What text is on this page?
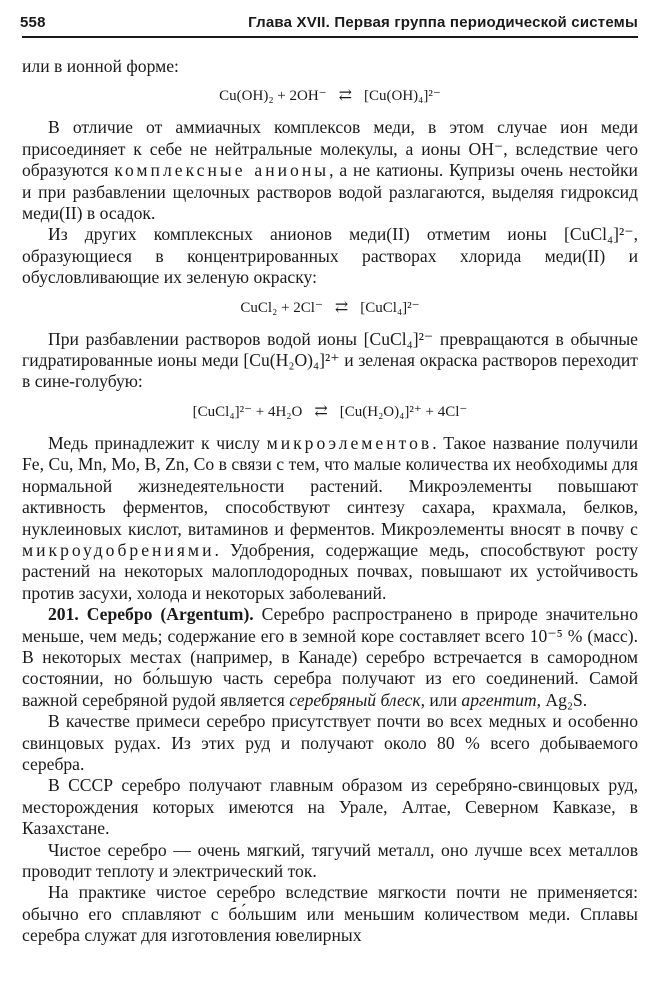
558	Глава XVII. Первая группа периодической системы

или в ионной форме:

Cu(OH)₂ + 2OH⁻ ⇄ [Cu(OH)₄]²⁻

В отличие от аммиачных комплексов меди, в этом случае ион меди присоединяет к себе не нейтральные молекулы, а ионы OH⁻, вследствие чего образуются комплексные анионы, а не катионы. Купризы очень нестойки и при разбавлении щелочных растворов водой разлагаются, выделяя гидроксид меди(II) в осадок.

Из других комплексных анионов меди(II) отметим ионы [CuCl₄]²⁻, образующиеся в концентрированных растворах хлорида меди(II) и обусловливающие их зеленую окраску:

CuCl₂ + 2Cl⁻ ⇄ [CuCl₄]²⁻

При разбавлении растворов водой ионы [CuCl₄]²⁻ превращаются в обычные гидратированные ионы меди [Cu(H₂O)₄]²⁺ и зеленая окраска растворов переходит в сине-голубую:

[CuCl₄]²⁻ + 4H₂O ⇄ [Cu(H₂O)₄]²⁺ + 4Cl⁻

Медь принадлежит к числу микроэлементов. Такое название получили Fe, Cu, Mn, Mo, B, Zn, Co в связи с тем, что малые количества их необходимы для нормальной жизнедеятельности растений. Микроэлементы повышают активность ферментов, способствуют синтезу сахара, крахмала, белков, нуклеиновых кислот, витаминов и ферментов. Микроэлементы вносят в почву с микроудобрениями. Удобрения, содержащие медь, способствуют росту растений на некоторых малоплодородных почвах, повышают их устойчивость против засухи, холода и некоторых заболеваний.

201. Серебро (Argentum). Серебро распространено в природе значительно меньше, чем медь; содержание его в земной коре составляет всего 10⁻⁵ % (масс). В некоторых местах (например, в Канаде) серебро встречается в самородном состоянии, но бо́льшую часть серебра получают из его соединений. Самой важной серебряной рудой является серебряный блеск, или аргентит, Ag₂S.

В качестве примеси серебро присутствует почти во всех медных и особенно свинцовых рудах. Из этих руд и получают около 80 % всего добываемого серебра.

В СССР серебро получают главным образом из серебряно-свинцовых руд, месторождения которых имеются на Урале, Алтае, Северном Кавказе, в Казахстане.

Чистое серебро — очень мягкий, тягучий металл, оно лучше всех металлов проводит теплоту и электрический ток.

На практике чистое серебро вследствие мягкости почти не применяется: обычно его сплавляют с бо́льшим или меньшим количеством меди. Сплавы серебра служат для изготовления ювелирных
